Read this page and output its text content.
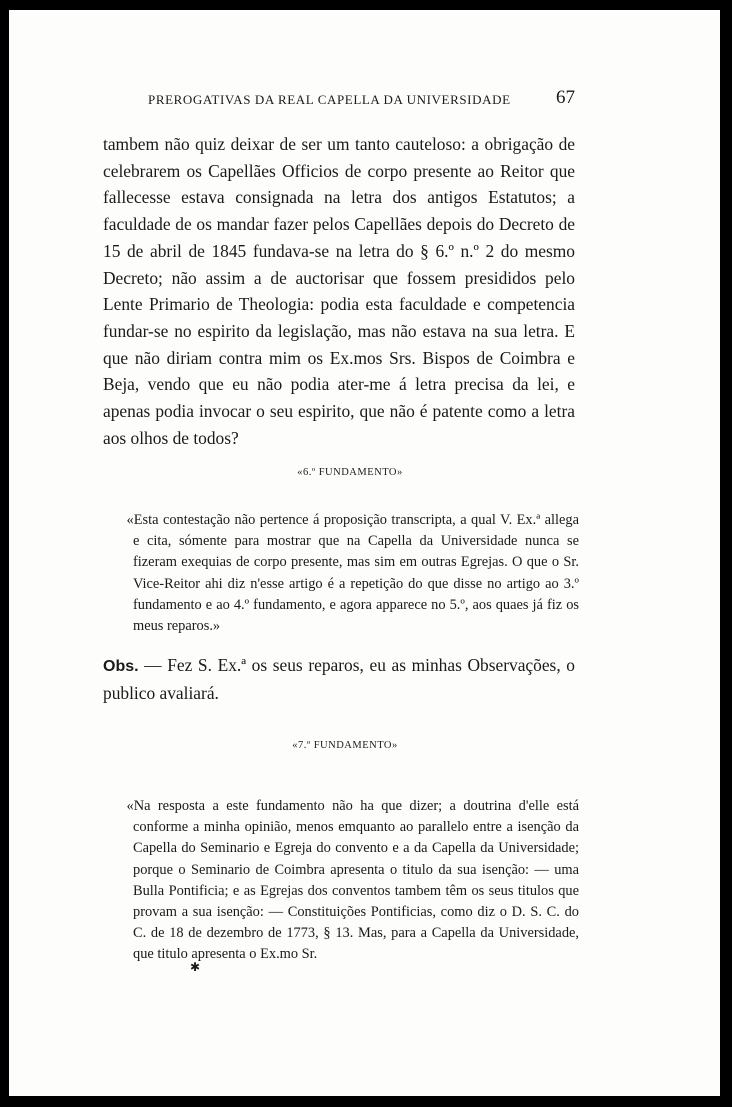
PREROGATIVAS DA REAL CAPELLA DA UNIVERSIDADE	67

tambem não quiz deixar de ser um tanto cauteloso: a obrigação de celebrarem os Capellães Officios de corpo presente ao Reitor que fallecesse estava consignada na letra dos antigos Estatutos; a faculdade de os mandar fazer pelos Capellães depois do Decreto de 15 de abril de 1845 fundava-se na letra do § 6.º n.º 2 do mesmo Decreto; não assim a de auctorisar que fossem presididos pelo Lente Primario de Theologia: podia esta faculdade e competencia fundar-se no espirito da legislação, mas não estava na sua letra. E que não diriam contra mim os Ex.mos Srs. Bispos de Coimbra e Beja, vendo que eu não podia ater-me á letra precisa da lei, e apenas podia invocar o seu espirito, que não é patente como a letra aos olhos de todos?

«6.º FUNDAMENTO»

«Esta contestação não pertence á proposição transcripta, a qual V. Ex.ª allega e cita, sómente para mostrar que na Capella da Universidade nunca se fizeram exequias de corpo presente, mas sim em outras Egrejas. O que o Sr. Vice-Reitor ahi diz n'esse artigo é a repetição do que disse no artigo ao 3.º fundamento e ao 4.º fundamento, e agora apparece no 5.º, aos quaes já fiz os meus reparos.»

Obs. — Fez S. Ex.ª os seus reparos, eu as minhas Observações, o publico avaliará.

«7.º FUNDAMENTO»

«Na resposta a este fundamento não ha que dizer; a doutrina d'elle está conforme a minha opinião, menos emquanto ao parallelo entre a isenção da Capella do Seminario e Egreja do convento e a da Capella da Universidade; porque o Seminario de Coimbra apresenta o titulo da sua isenção: — uma Bulla Pontificia; e as Egrejas dos conventos tambem têm os seus titulos que provam a sua isenção: — Constituições Pontificias, como diz o D. S. C. do C. de 18 de dezembro de 1773, § 13. Mas, para a Capella da Universidade, que titulo apresenta o Ex.mo Sr.

✱
